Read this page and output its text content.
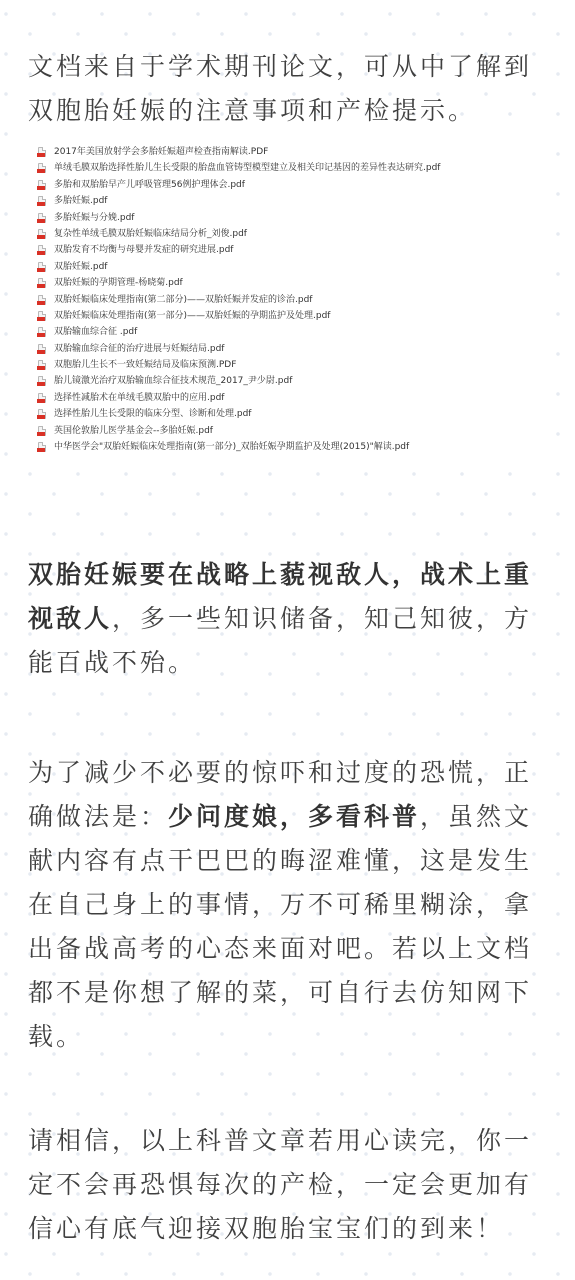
文档来自于学术期刊论文，可从中了解到双胞胎妊娠的注意事项和产检提示。

2017年美国放射学会多胎妊娠超声检查指南解读.PDF
单绒毛膜双胎选择性胎儿生长受限的胎盘血管铸型模型建立及相关印记基因的差异性表达研究.pdf
多胎和双胎胎早产儿呼吸管理56例护理体会.pdf
多胎妊娠.pdf
多胎妊娠与分娩.pdf
复杂性单绒毛膜双胎妊娠临床结局分析_刘俊.pdf
双胎发育不均衡与母婴并发症的研究进展.pdf
双胎妊娠.pdf
双胎妊娠的孕期管理-杨晓菊.pdf
双胎妊娠临床处理指南(第二部分)——双胎妊娠并发症的诊治.pdf
双胎妊娠临床处理指南(第一部分)——双胎妊娠的孕期监护及处理.pdf
双胎输血综合征 .pdf
双胎输血综合征的治疗进展与妊娠结局.pdf
双胞胎儿生长不一致妊娠结局及临床预测.PDF
胎儿镜激光治疗双胎输血综合征技术规范_2017_尹少尉.pdf
选择性减胎术在单绒毛膜双胎中的应用.pdf
选择性胎儿生长受限的临床分型、诊断和处理.pdf
英国伦敦胎儿医学基金会--多胎妊娠.pdf
中华医学会"双胎妊娠临床处理指南(第一部分)_双胎妊娠孕期监护及处理(2015)"解读.pdf

双胎妊娠要在战略上藐视敌人，战术上重视敌人，多一些知识储备，知己知彼，方能百战不殆。

为了减少不必要的惊吓和过度的恐慌，正确做法是：少问度娘，多看科普，虽然文献内容有点干巴巴的晦涩难懂，这是发生在自己身上的事情，万不可稀里糊涂，拿出备战高考的心态来面对吧。若以上文档都不是你想了解的菜，可自行去仿知网下载。

请相信，以上科普文章若用心读完，你一定不会再恐惧每次的产检，一定会更加有信心有底气迎接双胞胎宝宝们的到来！
